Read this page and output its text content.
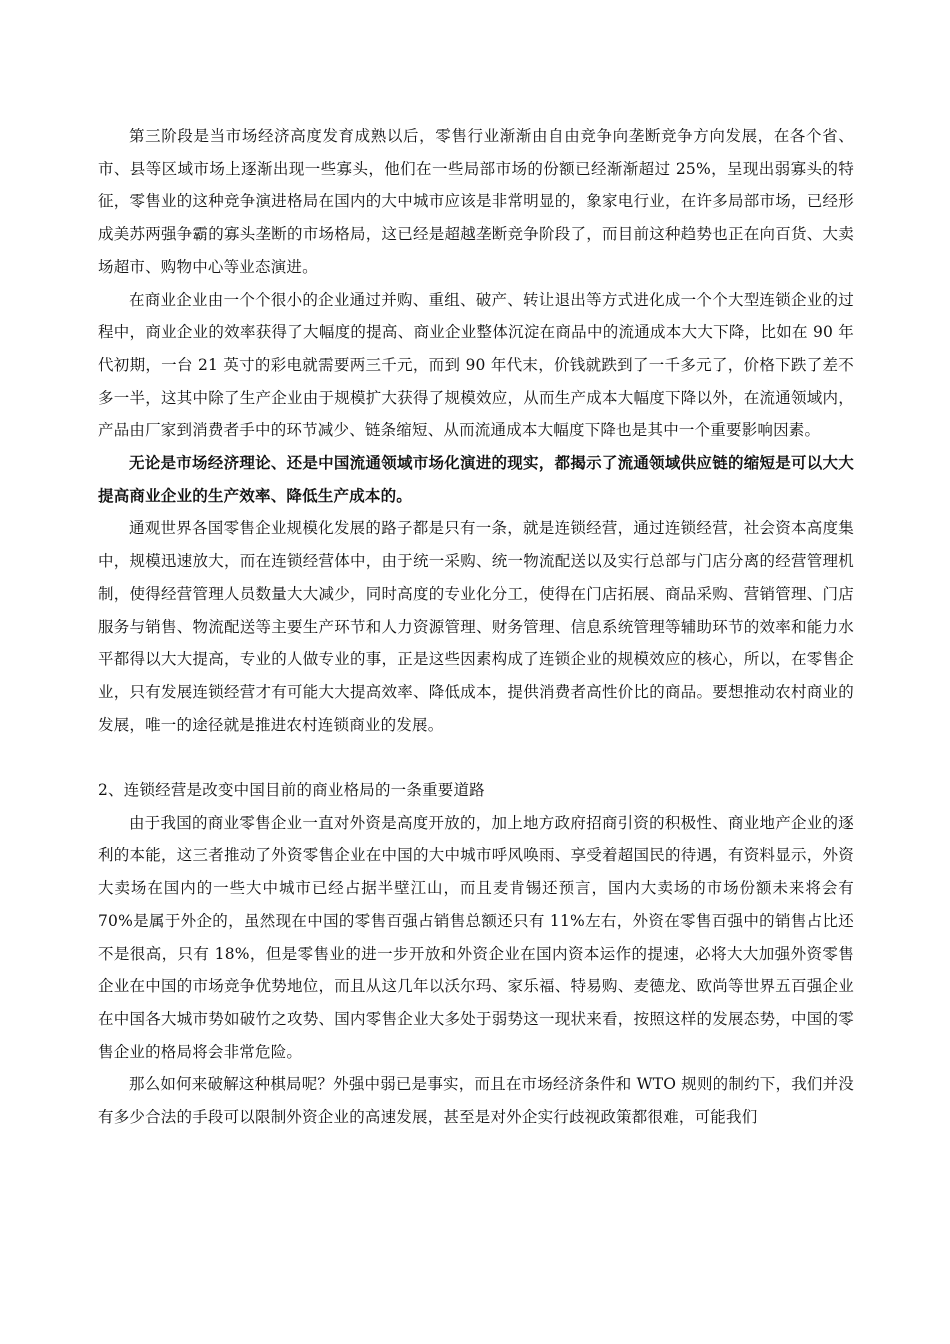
第三阶段是当市场经济高度发育成熟以后，零售行业渐渐由自由竞争向垄断竞争方向发展，在各个省、市、县等区域市场上逐渐出现一些寡头，他们在一些局部市场的份额已经渐渐超过 25%，呈现出弱寡头的特征，零售业的这种竞争演进格局在国内的大中城市应该是非常明显的，象家电行业，在许多局部市场，已经形成美苏两强争霸的寡头垄断的市场格局，这已经是超越垄断竞争阶段了，而目前这种趋势也正在向百货、大卖场超市、购物中心等业态演进。

在商业企业由一个个很小的企业通过并购、重组、破产、转让退出等方式进化成一个个大型连锁企业的过程中，商业企业的效率获得了大幅度的提高、商业企业整体沉淀在商品中的流通成本大大下降，比如在 90 年代初期，一台 21 英寸的彩电就需要两三千元，而到 90 年代末，价钱就跌到了一千多元了，价格下跌了差不多一半，这其中除了生产企业由于规模扩大获得了规模效应，从而生产成本大幅度下降以外，在流通领域内，产品由厂家到消费者手中的环节减少、链条缩短、从而流通成本大幅度下降也是其中一个重要影响因素。

无论是市场经济理论、还是中国流通领域市场化演进的现实，都揭示了流通领域供应链的缩短是可以大大提高商业企业的生产效率、降低生产成本的。

通观世界各国零售企业规模化发展的路子都是只有一条，就是连锁经营，通过连锁经营，社会资本高度集中，规模迅速放大，而在连锁经营体中，由于统一采购、统一物流配送以及实行总部与门店分离的经营管理机制，使得经营管理人员数量大大减少，同时高度的专业化分工，使得在门店拓展、商品采购、营销管理、门店服务与销售、物流配送等主要生产环节和人力资源管理、财务管理、信息系统管理等辅助环节的效率和能力水平都得以大大提高，专业的人做专业的事，正是这些因素构成了连锁企业的规模效应的核心，所以，在零售企业，只有发展连锁经营才有可能大大提高效率、降低成本，提供消费者高性价比的商品。要想推动农村商业的发展，唯一的途径就是推进农村连锁商业的发展。

2、连锁经营是改变中国目前的商业格局的一条重要道路

由于我国的商业零售企业一直对外资是高度开放的，加上地方政府招商引资的积极性、商业地产企业的逐利的本能，这三者推动了外资零售企业在中国的大中城市呼风唤雨、享受着超国民的待遇，有资料显示，外资大卖场在国内的一些大中城市已经占据半壁江山，而且麦肯锡还预言，国内大卖场的市场份额未来将会有 70%是属于外企的，虽然现在中国的零售百强占销售总额还只有 11%左右，外资在零售百强中的销售占比还不是很高，只有 18%，但是零售业的进一步开放和外资企业在国内资本运作的提速，必将大大加强外资零售企业在中国的市场竞争优势地位，而且从这几年以沃尔玛、家乐福、特易购、麦德龙、欧尚等世界五百强企业在中国各大城市势如破竹之攻势、国内零售企业大多处于弱势这一现状来看，按照这样的发展态势，中国的零售企业的格局将会非常危险。

那么如何来破解这种棋局呢？外强中弱已是事实，而且在市场经济条件和 WTO 规则的制约下，我们并没有多少合法的手段可以限制外资企业的高速发展，甚至是对外企实行歧视政策都很难，可能我们
